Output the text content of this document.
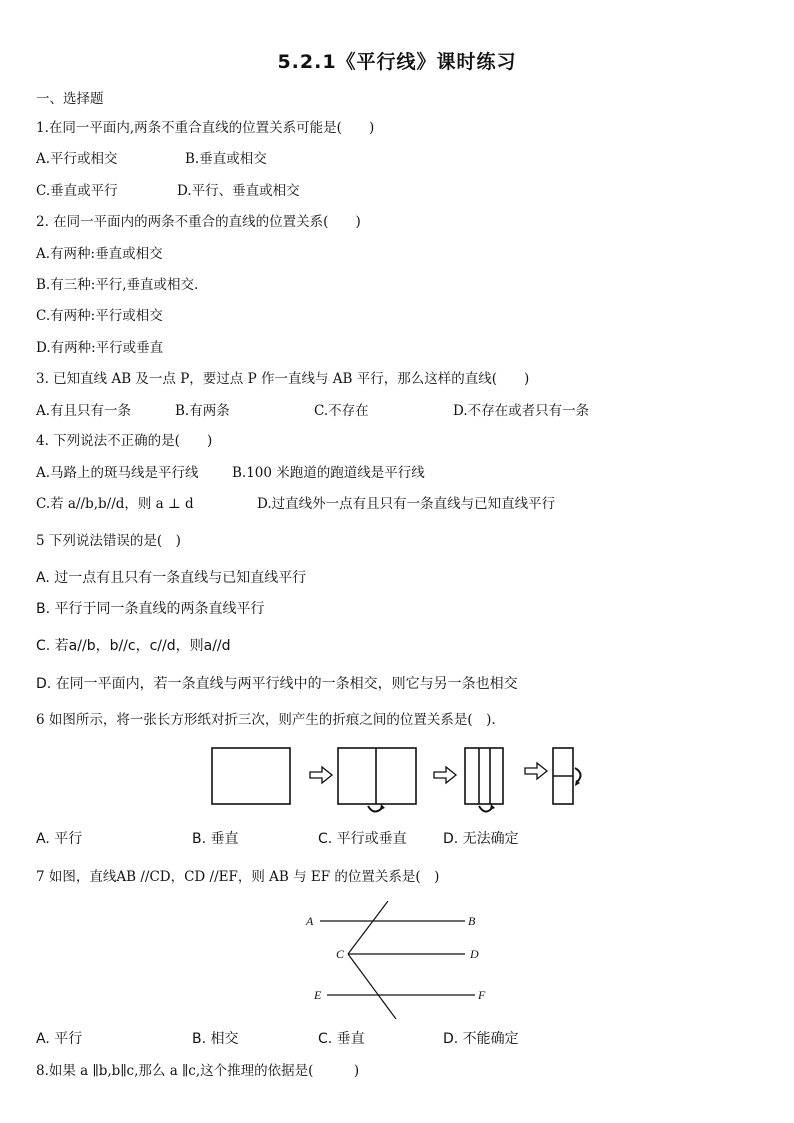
5.2.1《平行线》课时练习
一、选择题
1.在同一平面内,两条不重合直线的位置关系可能是(　　)
A.平行或相交	B.垂直或相交
C.垂直或平行	D.平行、垂直或相交
2. 在同一平面内的两条不重合的直线的位置关系(　　)
A.有两种:垂直或相交
B.有三种:平行,垂直或相交.
C.有两种:平行或相交
D.有两种:平行或垂直
3. 已知直线 AB 及一点 P，要过点 P 作一直线与 AB 平行，那么这样的直线(　　)
A.有且只有一条	B.有两条	C.不存在	D.不存在或者只有一条
4. 下列说法不正确的是(　　)
A.马路上的斑马线是平行线 B.100 米跑道的跑道线是平行线
C.若 a//b,b//d，则 a ⊥ d	D.过直线外一点有且只有一条直线与已知直线平行
5 下列说法错误的是(　)
A. 过一点有且只有一条直线与已知直线平行
B. 平行于同一条直线的两条直线平行
C. 若a//b，b//c，c//d，则a//d
D. 在同一平面内，若一条直线与两平行线中的一条相交，则它与另一条也相交
6 如图所示，将一张长方形纸对折三次，则产生的折痕之间的位置关系是(　).
A. 平行	B. 垂直	C. 平行或垂直	D. 无法确定
7 如图，直线AB //CD，CD //EF，则 AB 与 EF 的位置关系是(　)
A	B
C	D
E	F
A. 平行	B. 相交	C. 垂直	D. 不能确定
8.如果 a ∥b,b∥c,那么 a ∥c,这个推理的依据是(　　　)
